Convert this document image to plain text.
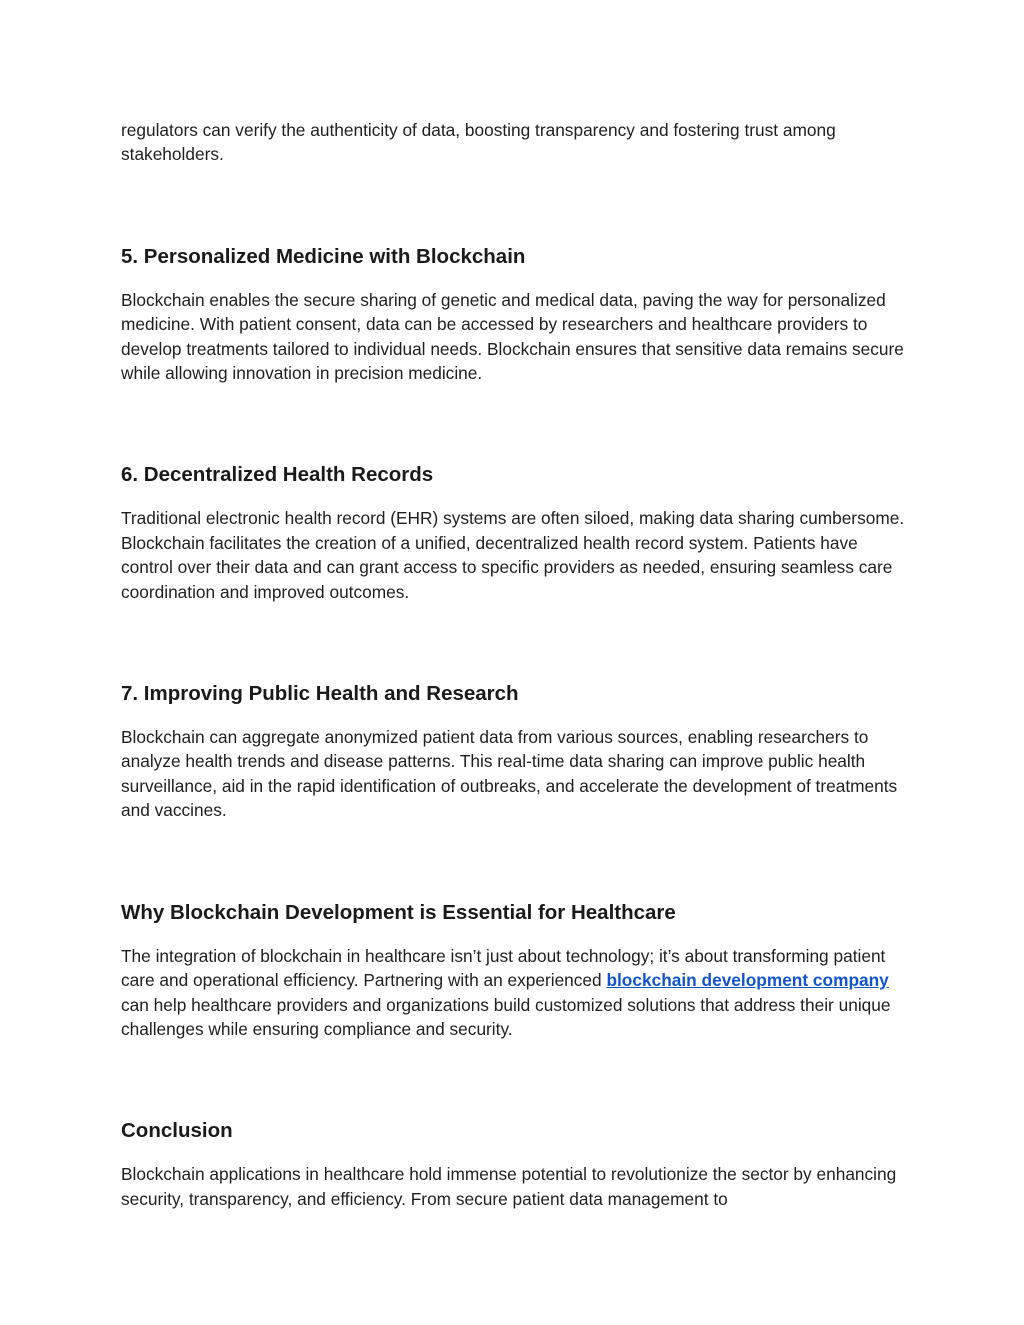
regulators can verify the authenticity of data, boosting transparency and fostering trust among stakeholders.

5. Personalized Medicine with Blockchain

Blockchain enables the secure sharing of genetic and medical data, paving the way for personalized medicine. With patient consent, data can be accessed by researchers and healthcare providers to develop treatments tailored to individual needs. Blockchain ensures that sensitive data remains secure while allowing innovation in precision medicine.

6. Decentralized Health Records

Traditional electronic health record (EHR) systems are often siloed, making data sharing cumbersome. Blockchain facilitates the creation of a unified, decentralized health record system. Patients have control over their data and can grant access to specific providers as needed, ensuring seamless care coordination and improved outcomes.

7. Improving Public Health and Research

Blockchain can aggregate anonymized patient data from various sources, enabling researchers to analyze health trends and disease patterns. This real-time data sharing can improve public health surveillance, aid in the rapid identification of outbreaks, and accelerate the development of treatments and vaccines.

Why Blockchain Development is Essential for Healthcare

The integration of blockchain in healthcare isn’t just about technology; it’s about transforming patient care and operational efficiency. Partnering with an experienced blockchain development company can help healthcare providers and organizations build customized solutions that address their unique challenges while ensuring compliance and security.

Conclusion

Blockchain applications in healthcare hold immense potential to revolutionize the sector by enhancing security, transparency, and efficiency. From secure patient data management to
